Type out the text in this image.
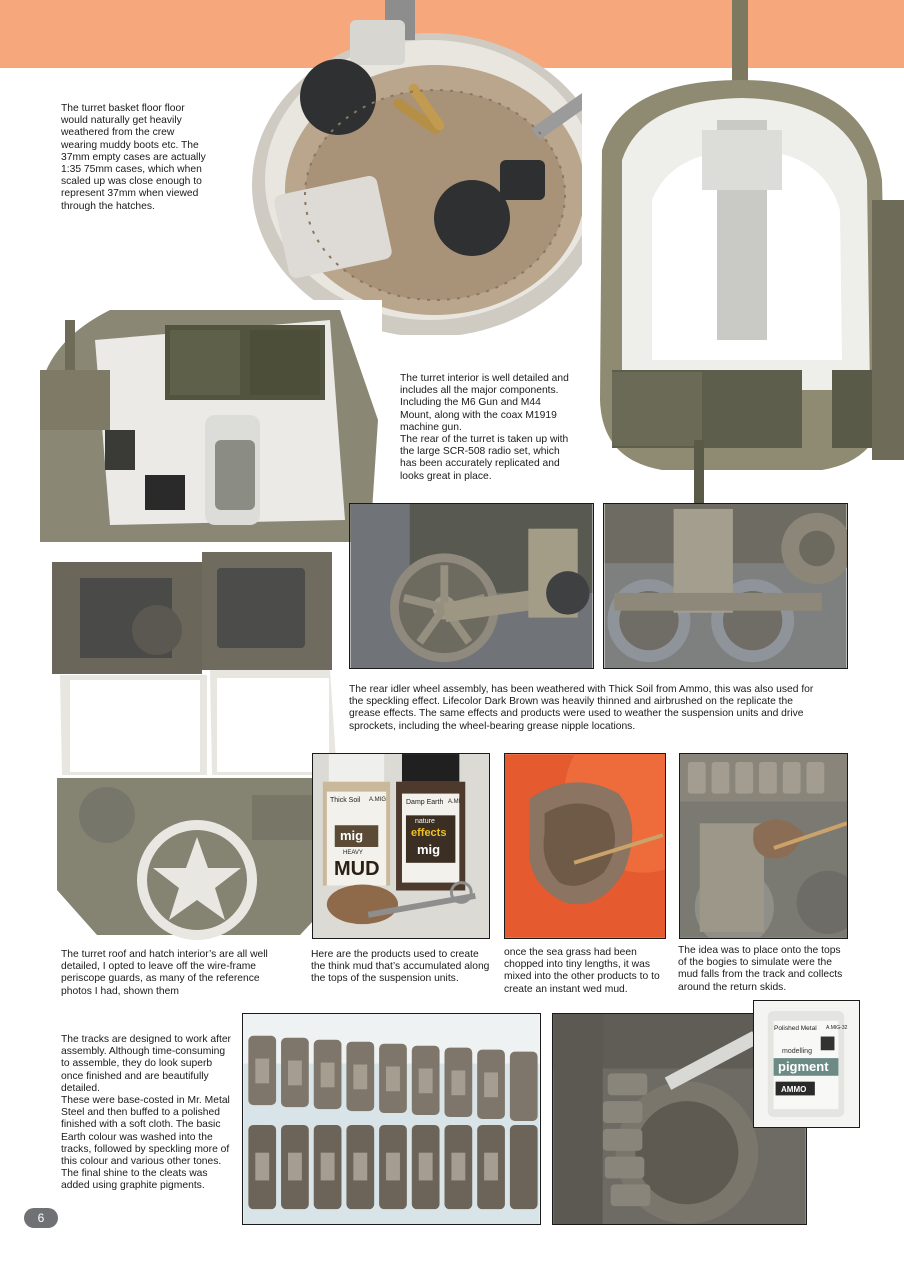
Thick Soil A.MIG
mig
HEAVY
MUD
Damp Earth A.MI
nature
effects
mig
Polished Metal A.MIG-32
modelling
pigment
AMMO

The turret basket floor floor would naturally get heavily weathered from the crew wearing muddy boots etc. The 37mm empty cases are actually 1:35 75mm cases, which when scaled up was close enough to represent 37mm when viewed through the hatches.

The turret interior is well detailed and includes all the major components. Including the M6 Gun and M44 Mount, along with the coax M1919 machine gun.
The rear of the turret is taken up with the large SCR-508 radio set, which has been accurately replicated and looks great in place.

The rear idler wheel assembly, has been weathered with Thick Soil from Ammo, this was also used for the speckling effect. Lifecolor Dark Brown was heavily thinned and airbrushed on the replicate the grease effects. The same effects and products were used to weather the suspension units and drive sprockets, including the wheel-bearing grease nipple locations.

The turret roof and hatch interior’s are all well detailed, I opted to leave off the wire-frame periscope guards, as many of the reference photos I had, shown them

Here are the products used to create the think mud that’s accumulated along the tops of the suspension units.

once the sea grass had been chopped into tiny lengths, it was mixed into the other products to to create an instant wed mud.

The idea was to place onto the tops of the bogies to simulate were the mud falls from the track and collects around the return skids.

The tracks are designed to work after assembly. Although time-consuming to assemble, they do look superb once finished and are beautifully detailed.
These were base-costed in Mr. Metal Steel and then buffed to a polished finished with a soft cloth. The basic Earth colour was washed into the tracks, followed by speckling more of this colour and various other tones. The final shine to the cleats was added using graphite pigments.

6
